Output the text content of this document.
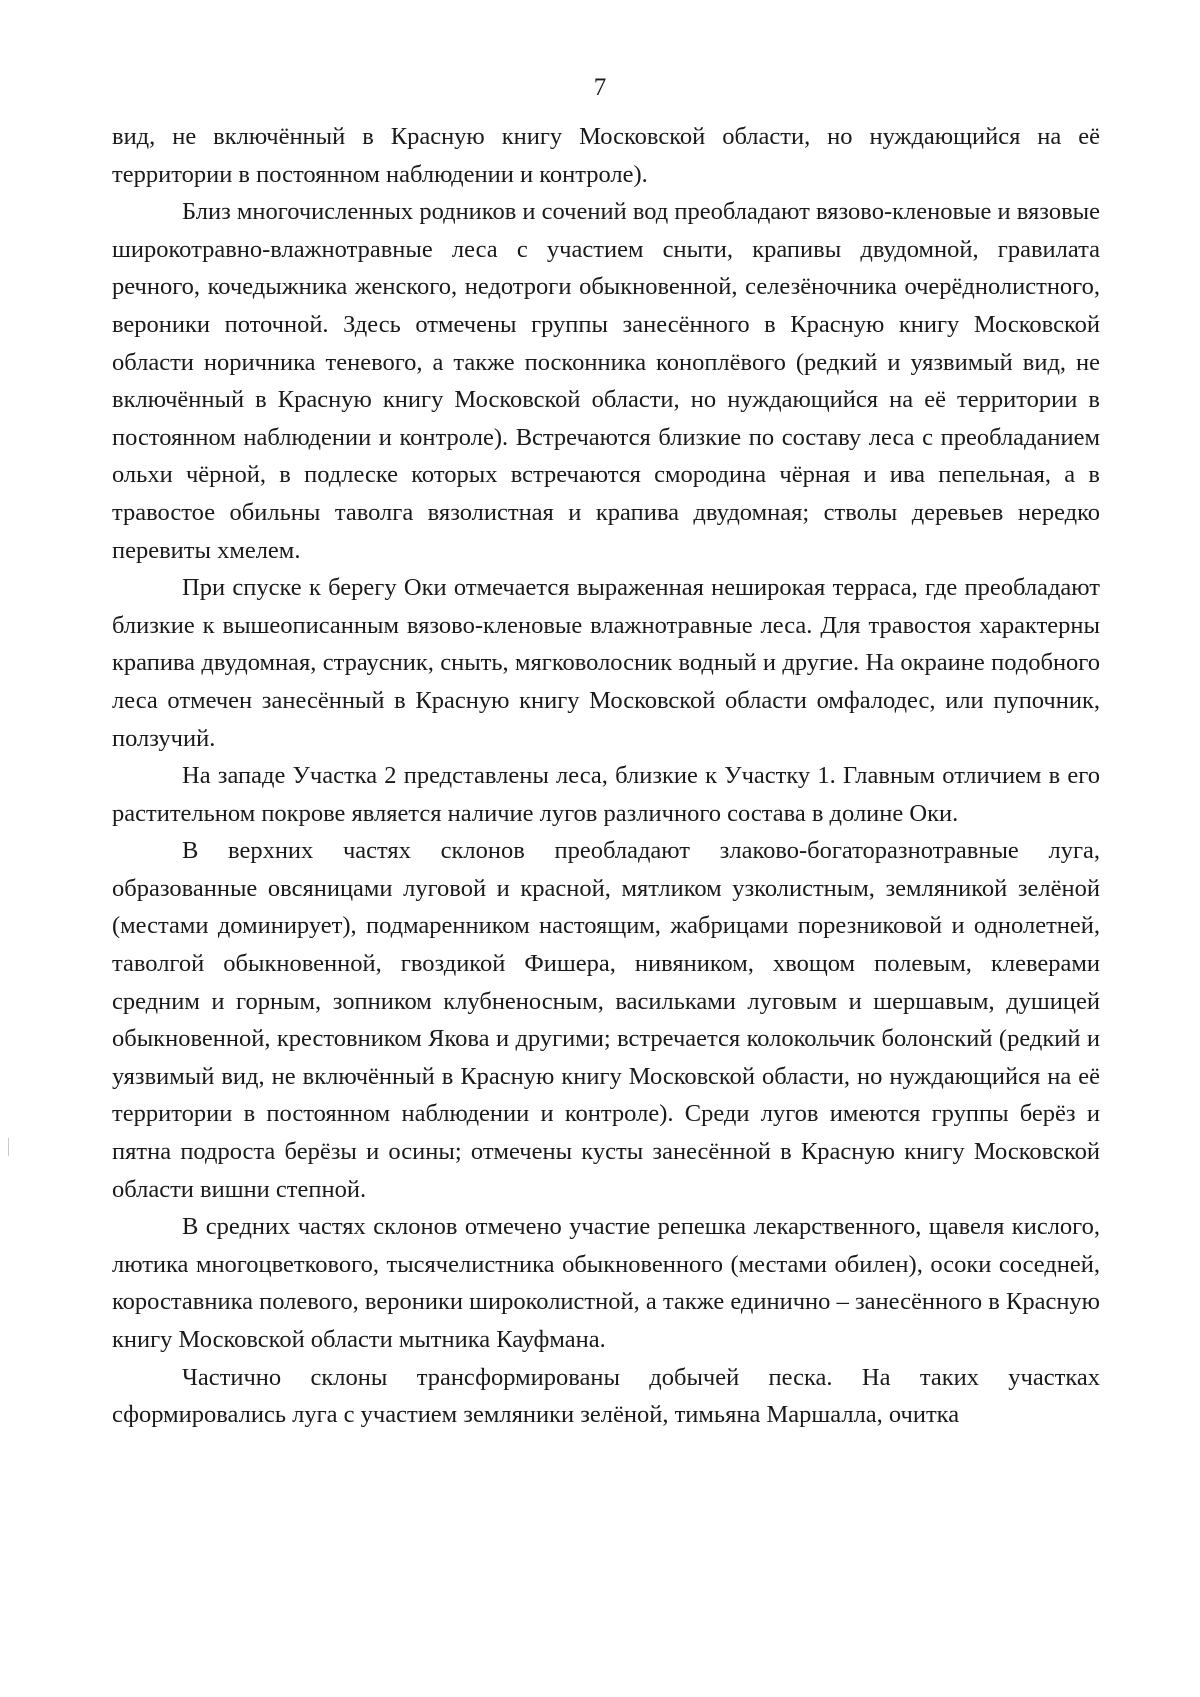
7

вид, не включённый в Красную книгу Московской области, но нуждающийся на её территории в постоянном наблюдении и контроле).

Близ многочисленных родников и сочений вод преобладают вязово-кленовые и вязовые широкотравно-влажнотравные леса с участием сныти, крапивы двудомной, гравилата речного, кочедыжника женского, недотроги обыкновенной, селезёночника очерёднолистного, вероники поточной. Здесь отмечены группы занесённого в Красную книгу Московской области норичника теневого, а также посконника коноплёвого (редкий и уязвимый вид, не включённый в Красную книгу Московской области, но нуждающийся на её территории в постоянном наблюдении и контроле). Встречаются близкие по составу леса с преобладанием ольхи чёрной, в подлеске которых встречаются смородина чёрная и ива пепельная, а в травостое обильны таволга вязолистная и крапива двудомная; стволы деревьев нередко перевиты хмелем.

При спуске к берегу Оки отмечается выраженная неширокая терраса, где преобладают близкие к вышеописанным вязово-кленовые влажнотравные леса. Для травостоя характерны крапива двудомная, страусник, сныть, мягковолосник водный и другие. На окраине подобного леса отмечен занесённый в Красную книгу Московской области омфалодес, или пупочник, ползучий.

На западе Участка 2 представлены леса, близкие к Участку 1. Главным отличием в его растительном покрове является наличие лугов различного состава в долине Оки.

В верхних частях склонов преобладают злаково-богаторазнотравные луга, образованные овсяницами луговой и красной, мятликом узколистным, земляникой зелёной (местами доминирует), подмаренником настоящим, жабрицами порезниковой и однолетней, таволгой обыкновенной, гвоздикой Фишера, нивяником, хвощом полевым, клеверами средним и горным, зопником клубненосным, васильками луговым и шершавым, душицей обыкновенной, крестовником Якова и другими; встречается колокольчик болонский (редкий и уязвимый вид, не включённый в Красную книгу Московской области, но нуждающийся на её территории в постоянном наблюдении и контроле). Среди лугов имеются группы берёз и пятна подроста берёзы и осины; отмечены кусты занесённой в Красную книгу Московской области вишни степной.

В средних частях склонов отмечено участие репешка лекарственного, щавеля кислого, лютика многоцветкового, тысячелистника обыкновенного (местами обилен), осоки соседней, короставника полевого, вероники широколистной, а также единично – занесённого в Красную книгу Московской области мытника Кауфмана.

Частично склоны трансформированы добычей песка. На таких участках сформировались луга с участием земляники зелёной, тимьяна Маршалла, очитка
